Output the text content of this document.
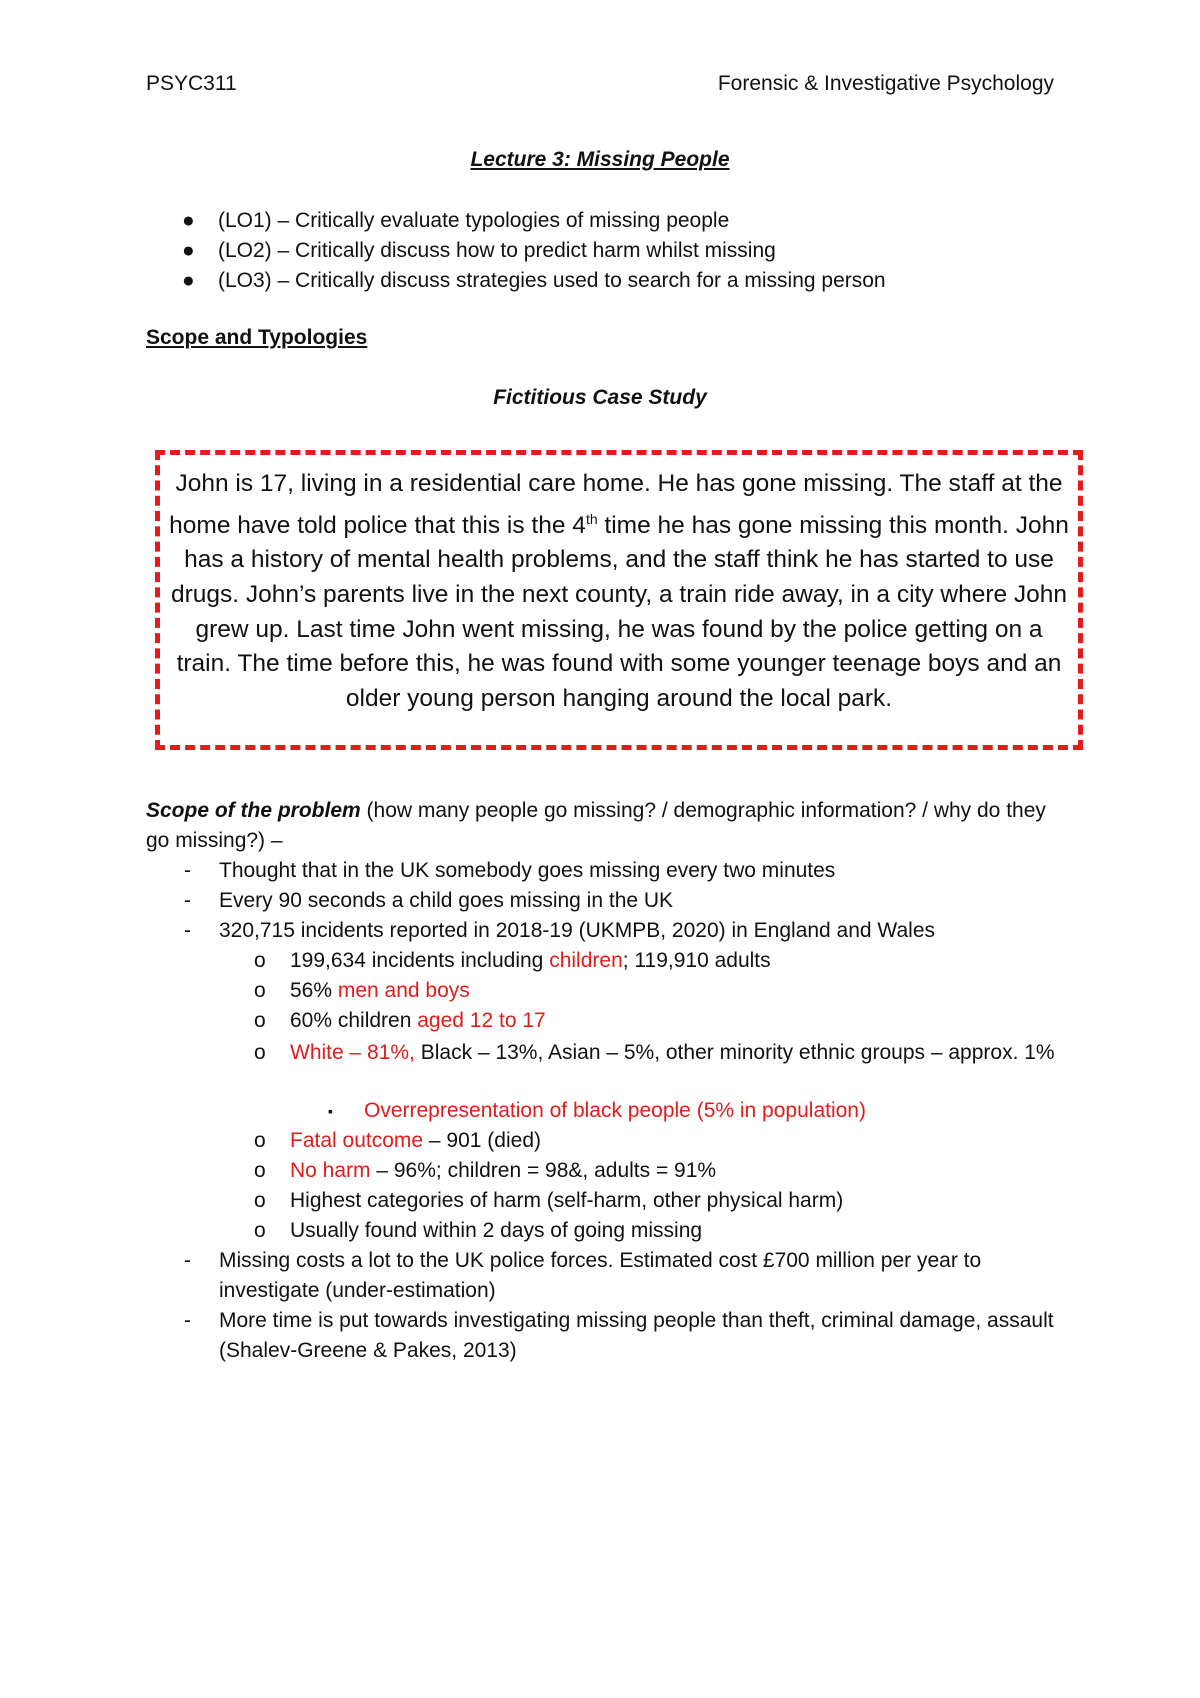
PSYC311	Forensic & Investigative Psychology
Lecture 3: Missing People
● (LO1) – Critically evaluate typologies of missing people
● (LO2) – Critically discuss how to predict harm whilst missing
● (LO3) – Critically discuss strategies used to search for a missing person
Scope and Typologies
Fictitious Case Study
John is 17, living in a residential care home. He has gone missing. The staff at the home have told police that this is the 4th time he has gone missing this month. John has a history of mental health problems, and the staff think he has started to use drugs. John’s parents live in the next county, a train ride away, in a city where John grew up. Last time John went missing, he was found by the police getting on a train. The time before this, he was found with some younger teenage boys and an older young person hanging around the local park.
Scope of the problem (how many people go missing? / demographic information? / why do they go missing?) –
- Thought that in the UK somebody goes missing every two minutes
- Every 90 seconds a child goes missing in the UK
- 320,715 incidents reported in 2018-19 (UKMPB, 2020) in England and Wales
o 199,634 incidents including children; 119,910 adults
o 56% men and boys
o 60% children aged 12 to 17
o White – 81%, Black – 13%, Asian – 5%, other minority ethnic groups – approx. 1%
▪ Overrepresentation of black people (5% in population)
o Fatal outcome – 901 (died)
o No harm – 96%; children = 98&, adults = 91%
o Highest categories of harm (self-harm, other physical harm)
o Usually found within 2 days of going missing
- Missing costs a lot to the UK police forces. Estimated cost £700 million per year to investigate (under-estimation)
- More time is put towards investigating missing people than theft, criminal damage, assault (Shalev-Greene & Pakes, 2013)
